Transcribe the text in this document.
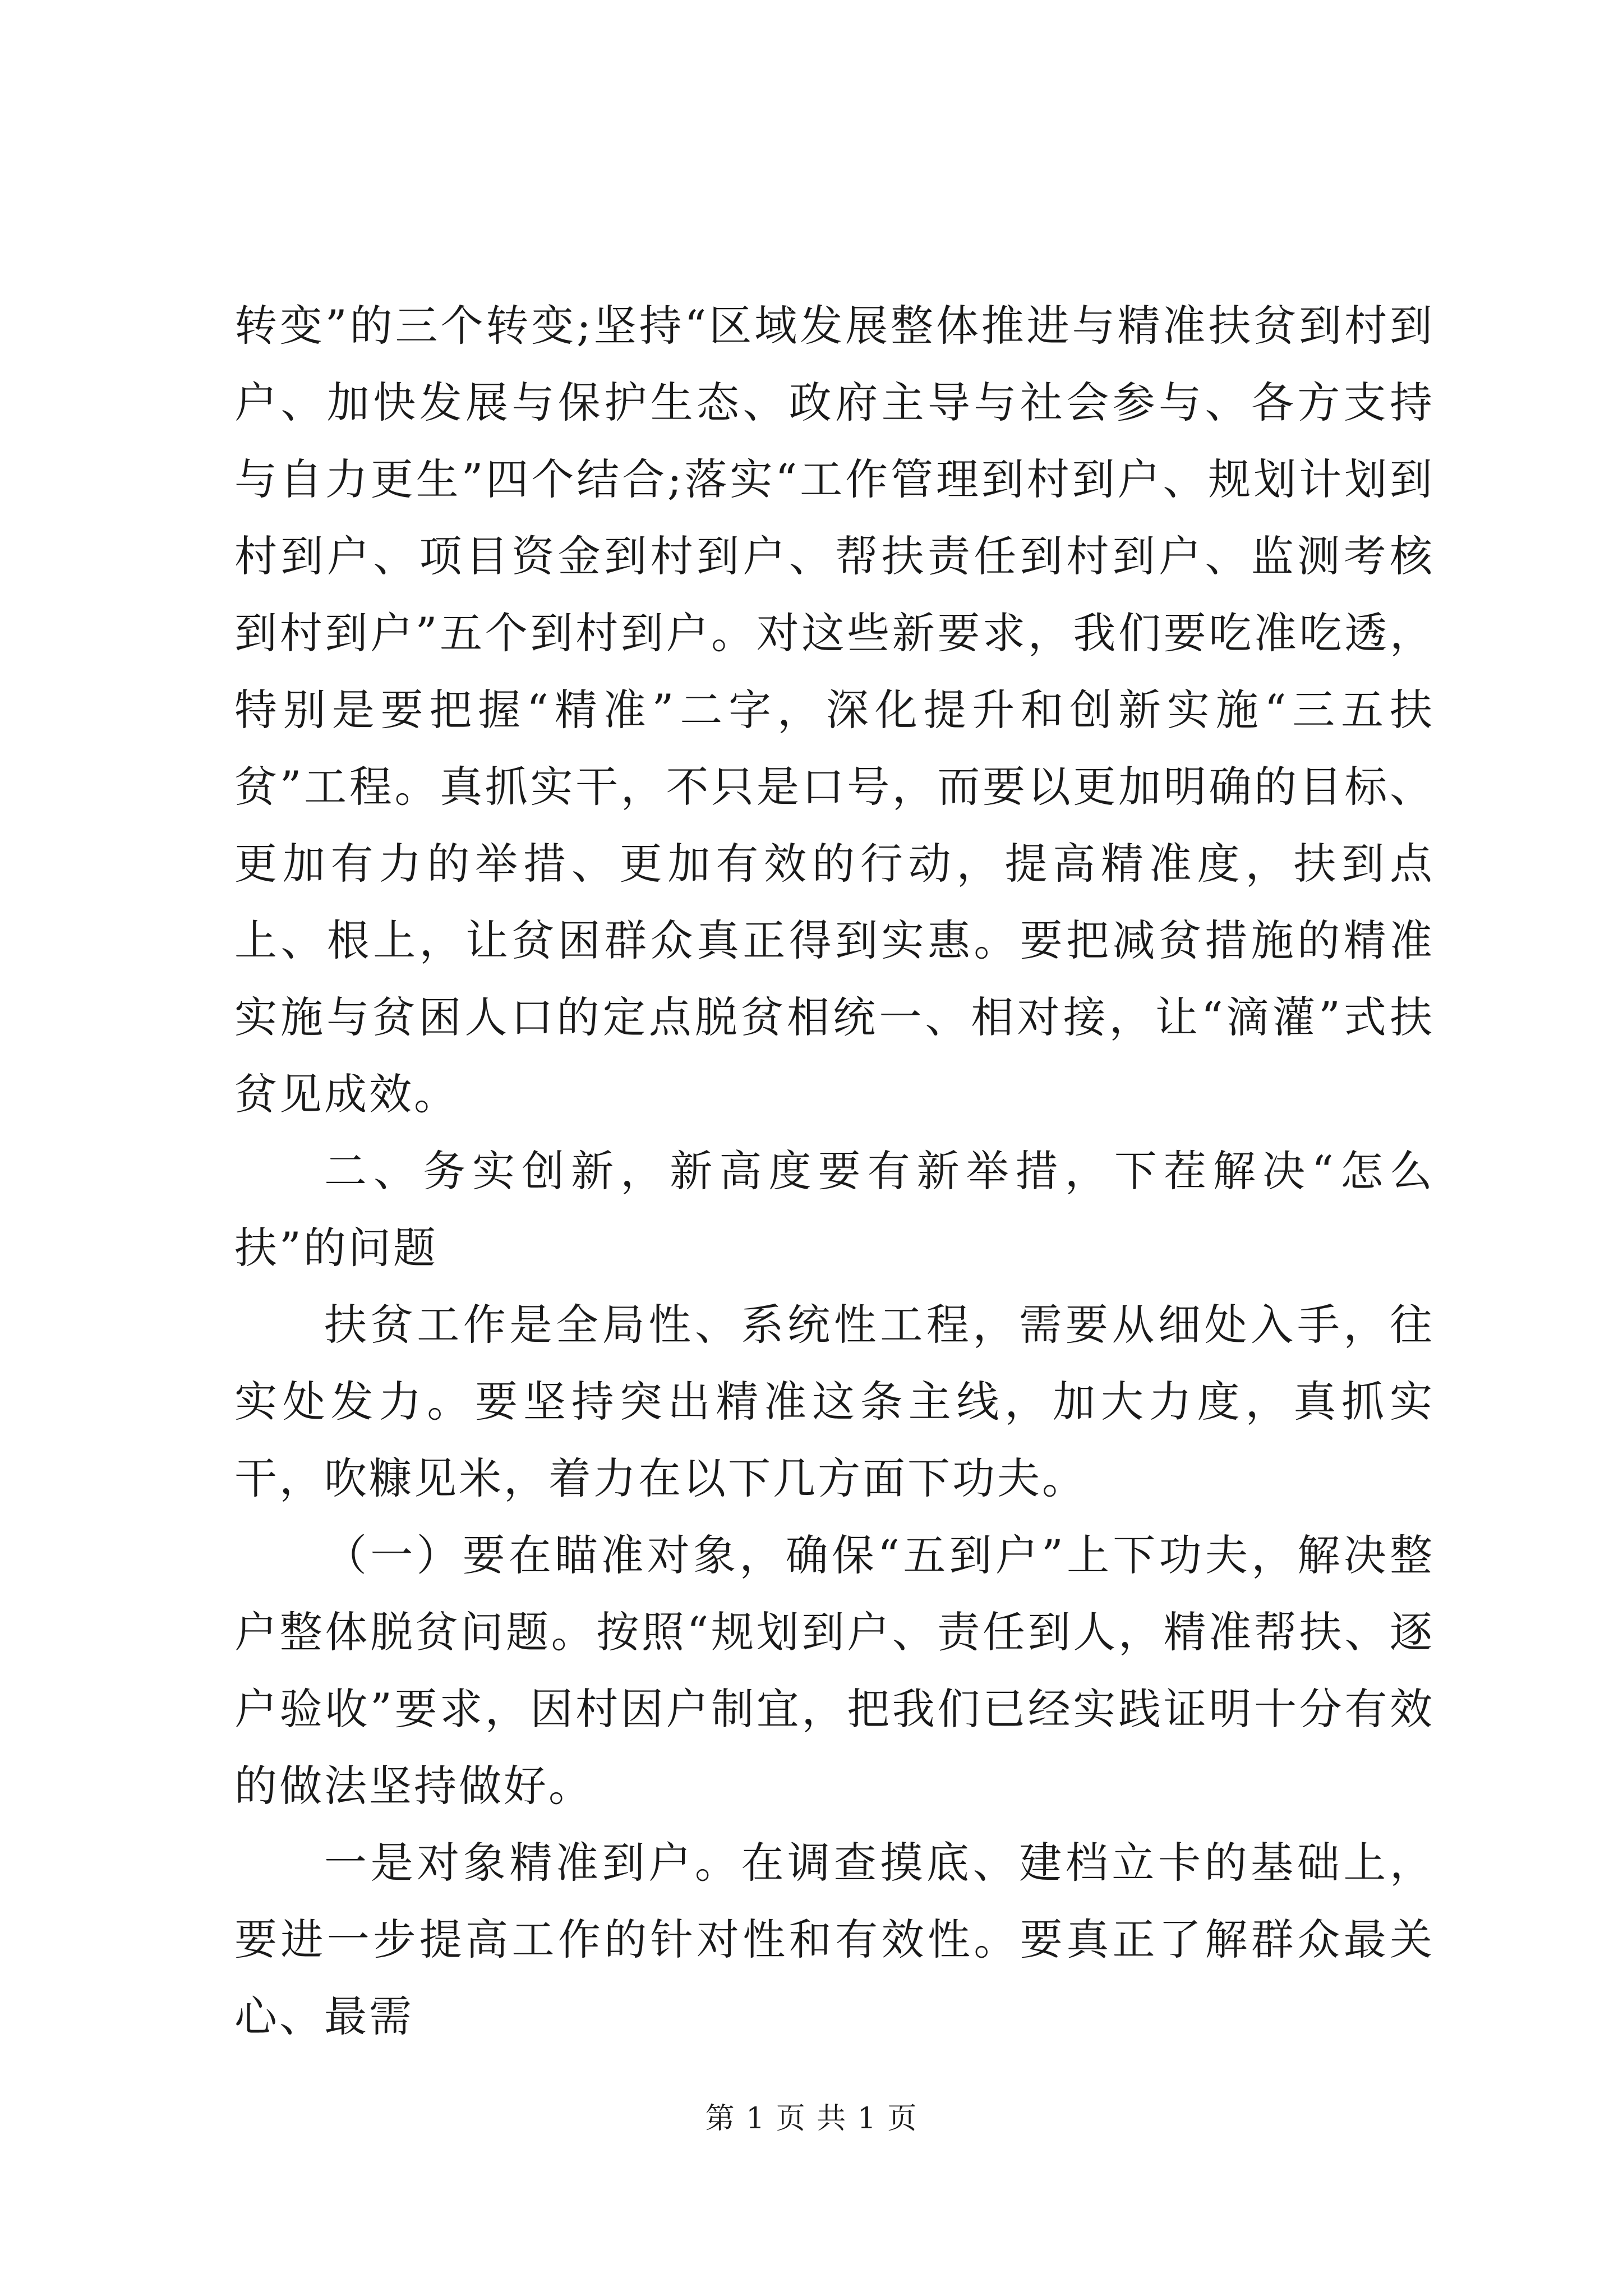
转变”的三个转变;坚持“区域发展整体推进与精准扶贫到村到户、加快发展与保护生态、政府主导与社会参与、各方支持与自力更生”四个结合;落实“工作管理到村到户、规划计划到村到户、项目资金到村到户、帮扶责任到村到户、监测考核到村到户”五个到村到户。对这些新要求，我们要吃准吃透，特别是要把握“精准”二字，深化提升和创新实施“三五扶贫”工程。真抓实干，不只是口号，而要以更加明确的目标、更加有力的举措、更加有效的行动，提高精准度，扶到点上、根上，让贫困群众真正得到实惠。要把减贫措施的精准实施与贫困人口的定点脱贫相统一、相对接，让“滴灌”式扶贫见成效。

二、务实创新，新高度要有新举措，下茬解决“怎么扶”的问题

扶贫工作是全局性、系统性工程，需要从细处入手，往实处发力。要坚持突出精准这条主线，加大力度，真抓实干，吹糠见米，着力在以下几方面下功夫。

（一）要在瞄准对象，确保“五到户”上下功夫，解决整户整体脱贫问题。按照“规划到户、责任到人，精准帮扶、逐户验收”要求，因村因户制宜，把我们已经实践证明十分有效的做法坚持做好。

一是对象精准到户。在调查摸底、建档立卡的基础上，要进一步提高工作的针对性和有效性。要真正了解群众最关心、最需

第 1 页 共 1 页
